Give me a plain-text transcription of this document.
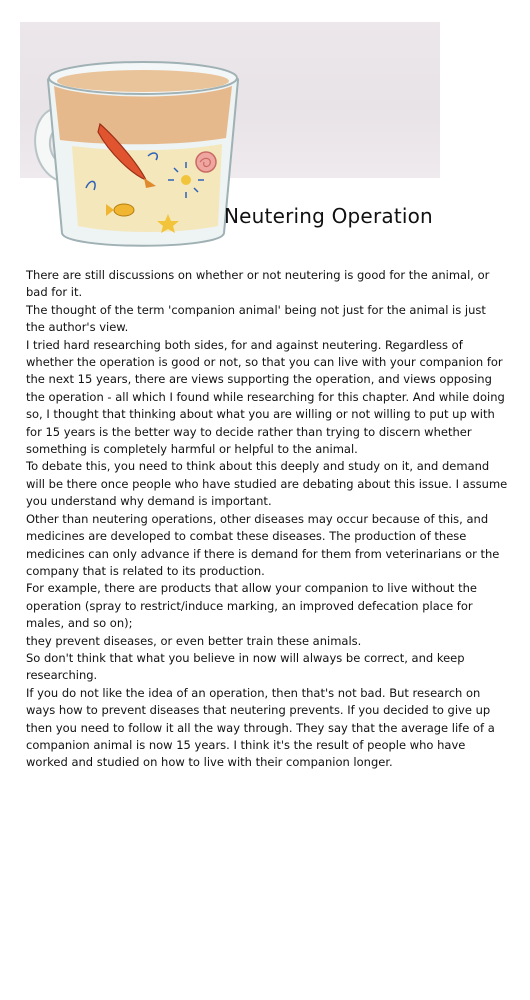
Neutering Operation

There are still discussions on whether or not neutering is good for the animal, or bad for it.

The thought of the term 'companion animal' being not just for the animal is just the author's view.

I tried hard researching both sides, for and against neutering. Regardless of whether the operation is good or not, so that you can live with your companion for the next 15 years, there are views supporting the operation, and views opposing the operation - all which I found while researching for this chapter. And while doing so, I thought that thinking about what you are willing or not willing to put up with for 15 years is the better way to decide rather than trying to discern whether something is completely harmful or helpful to the animal.

To debate this, you need to think about this deeply and study on it, and demand will be there once people who have studied are debating about this issue. I assume you understand why demand is important.

Other than neutering operations, other diseases may occur because of this, and medicines are developed to combat these diseases. The production of these medicines can only advance if there is demand for them from veterinarians or the company that is related to its production.

For example, there are products that allow your companion to live without the operation (spray to restrict/induce marking, an improved defecation place for males, and so on);

they prevent diseases, or even better train these animals.

So don't think that what you believe in now will always be correct, and keep researching.

If you do not like the idea of an operation, then that's not bad. But research on ways how to prevent diseases that neutering prevents. If you decided to give up then you need to follow it all the way through. They say that the average life of a companion animal is now 15 years. I think it's the result of people who have worked and studied on how to live with their companion longer.
